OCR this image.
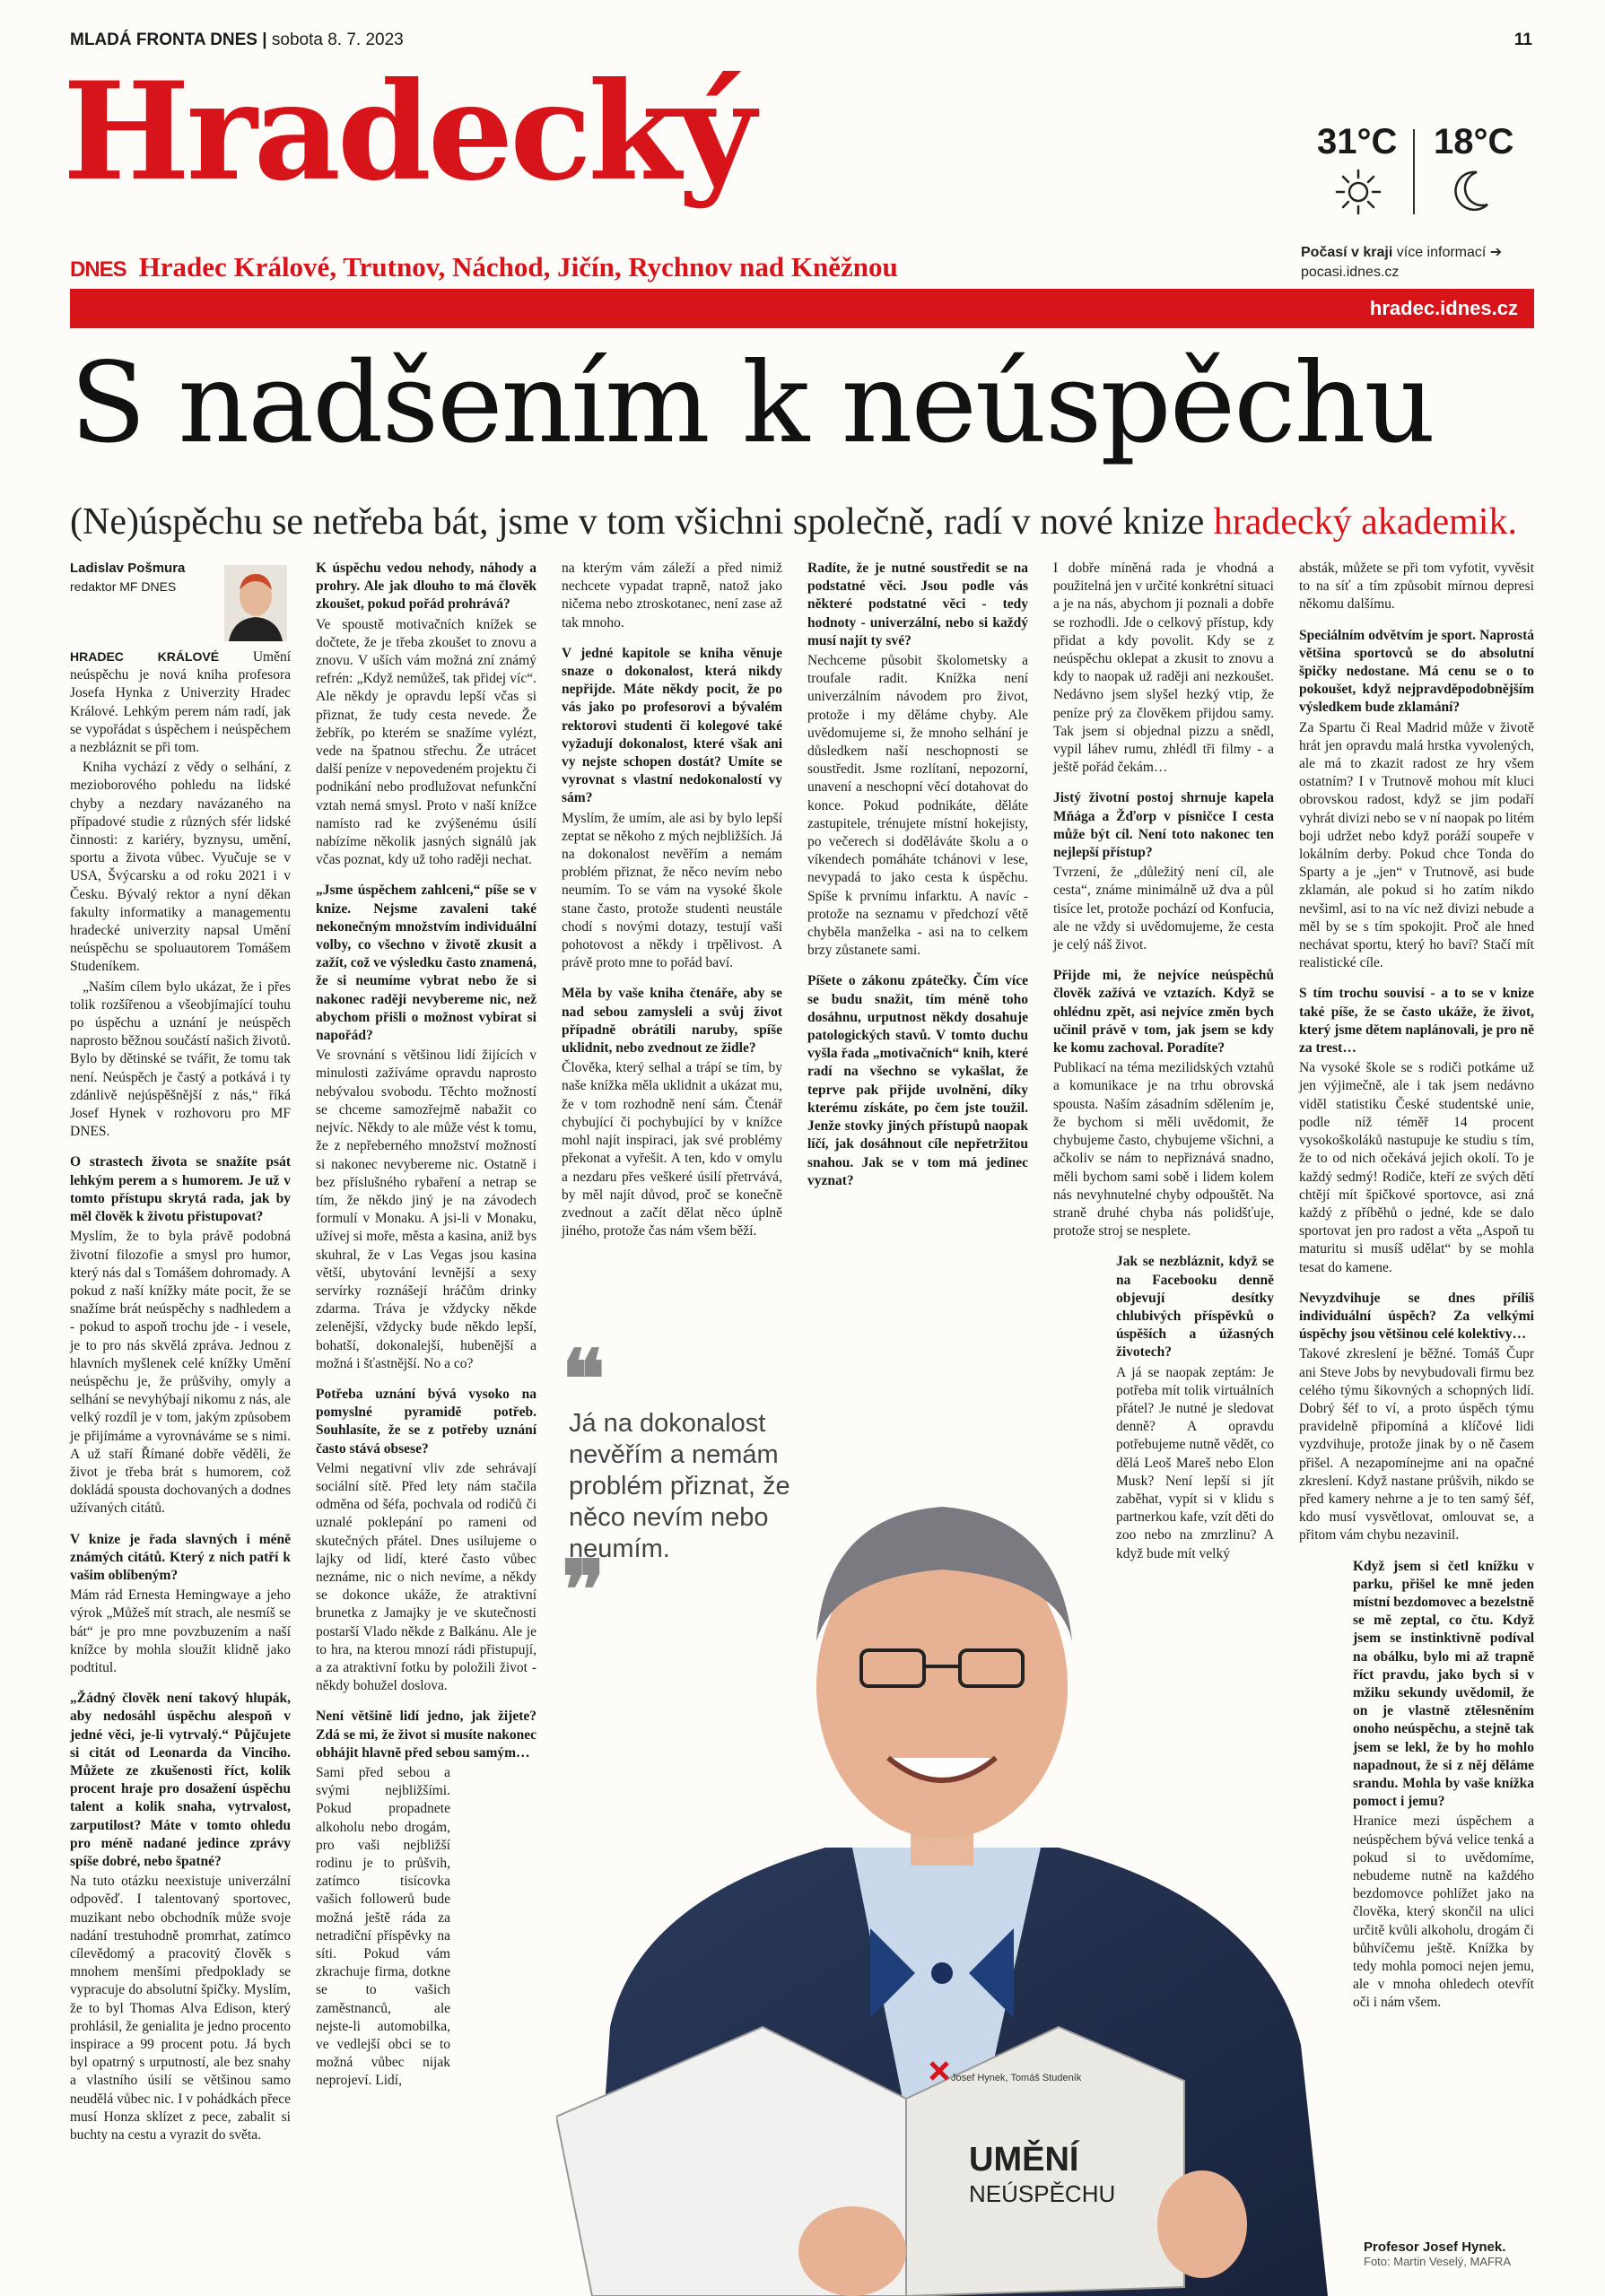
MLADÁ FRONTA DNES | sobota 8. 7. 2023	11
Hradecký
DNES Hradec Králové, Trutnov, Náchod, Jičín, Rychnov nad Kněžnou
31°C 18°C
Počasí v kraji více informací ➔
pocasi.idnes.cz
hradec.idnes.cz
S nadšením k neúspěchu
(Ne)úspěchu se netřeba bát, jsme v tom všichni společně, radí v nové knize hradecký akademik.
UMĚNÍ
NEÚSPĚCHU
Josef Hynek, Tomáš Studeník
Ladislav Pošmura
redaktor MF DNES

HRADEC KRÁLOVÉ Umění neúspěchu je nová kniha profesora Josefa Hynka z Univerzity Hradec Králové. Lehkým perem nám radí, jak se vypořádat s úspěchem i neúspěchem a nezbláznit se při tom.

Kniha vychází z vědy o selhání, z mezioborového pohledu na lidské chyby a nezdary navázaného na případové studie z různých sfér lidské činnosti: z kariéry, byznysu, umění, sportu a života vůbec. Vyučuje se v USA, Švýcarsku a od roku 2021 i v Česku. Bývalý rektor a nyní děkan fakulty informatiky a managementu hradecké univerzity napsal Umění neúspěchu se spoluautorem Tomášem Studeníkem.

„Naším cílem bylo ukázat, že i přes tolik rozšířenou a všeobjímající touhu po úspěchu a uznání je neúspěch naprosto běžnou součástí našich životů. Bylo by dětinské se tvářit, že tomu tak není. Neúspěch je častý a potkává i ty zdánlivě nejúspěšnější z nás,“ říká Josef Hynek v rozhovoru pro MF DNES.

O strastech života se snažíte psát lehkým perem a s humorem. Je už v tomto přístupu skrytá rada, jak by měl člověk k životu přistupovat?

Myslím, že to byla právě podobná životní filozofie a smysl pro humor, který nás dal s Tomášem dohromady. A pokud z naší knížky máte pocit, že se snažíme brát neúspěchy s nadhledem a - pokud to aspoň trochu jde - i vesele, je to pro nás skvělá zpráva. Jednou z hlavních myšlenek celé knížky Umění neúspěchu je, že průšvihy, omyly a selhání se nevyhýbají nikomu z nás, ale velký rozdíl je v tom, jakým způsobem je přijímáme a vyrovnáváme se s nimi. A už staří Římané dobře věděli, že život je třeba brát s humorem, což dokládá spousta dochovaných a dodnes užívaných citátů.

V knize je řada slavných i méně známých citátů. Který z nich patří k vašim oblíbeným?

Mám rád Ernesta Hemingwaye a jeho výrok „Můžeš mít strach, ale nesmíš se bát“ je pro mne povzbuzením a naší knížce by mohla sloužit klidně jako podtitul.

„Žádný člověk není takový hlupák, aby nedosáhl úspěchu alespoň v jedné věci, je-li vytrvalý.“ Půjčujete si citát od Leonarda da Vinciho. Můžete ze zkušenosti říct, kolik procent hraje pro dosažení úspěchu talent a kolik snaha, vytrvalost, zarputilost? Máte v tomto ohledu pro méně nadané jedince zprávy spíše dobré, nebo špatné?

Na tuto otázku neexistuje univerzální odpověď. I talentovaný sportovec, muzikant nebo obchodník může svoje nadání trestuhodně promrhat, zatímco cílevědomý a pracovitý člověk s mnohem menšími předpoklady se vypracuje do absolutní špičky. Myslím, že to byl Thomas Alva Edison, který prohlásil, že genialita je jedno procento inspirace a 99 procent potu. Já bych byl opatrný s urputností, ale bez snahy a vlastního úsilí se většinou samo neudělá vůbec nic. I v pohádkách přece musí Honza sklízet z pece, zabalit si buchty na cestu a vyrazit do světa.

K úspěchu vedou nehody, náhody a prohry. Ale jak dlouho to má člověk zkoušet, pokud pořád prohrává?

Ve spoustě motivačních knížek se dočtete, že je třeba zkoušet to znovu a znovu. V uších vám možná zní známý refrén: „Když nemůžeš, tak přidej víc“. Ale někdy je opravdu lepší včas si přiznat, že tudy cesta nevede. Že žebřík, po kterém se snažíme vylézt, vede na špatnou střechu. Že utrácet další peníze v nepovedeném projektu či podnikání nebo prodlužovat nefunkční vztah nemá smysl. Proto v naší knížce namísto rad ke zvýšenému úsilí nabízíme několik jasných signálů jak včas poznat, kdy už toho raději nechat.

„Jsme úspěchem zahlceni,“ píše se v knize. Nejsme zavaleni také nekonečným množstvím individuální volby, co všechno v životě zkusit a zažít, což ve výsledku často znamená, že si neumíme vybrat nebo že si nakonec raději nevybereme nic, než abychom přišli o možnost vybírat si napořád?

Ve srovnání s většinou lidí žijících v minulosti zažíváme opravdu naprosto nebývalou svobodu. Těchto možností se chceme samozřejmě nabažit co nejvíc. Někdy to ale může vést k tomu, že z nepřeberného množství možností si nakonec nevybereme nic. Ostatně i bez příslušného rybaření a netrap se tím, že někdo jiný je na závodech formulí v Monaku. A jsi-li v Monaku, užívej si moře, města a kasina, aniž bys skuhral, že v Las Vegas jsou kasina větší, ubytování levnější a sexy servírky roznášejí hráčům drinky zdarma. Tráva je vždycky někde zelenější, vždycky bude někdo lepší, bohatší, dokonalejší, hubenější a možná i šťastnější. No a co?

Potřeba uznání bývá vysoko na pomyslné pyramidě potřeb. Souhlasíte, že se z potřeby uznání často stává obsese?

Velmi negativní vliv zde sehrávají sociální sítě. Před lety nám stačila odměna od šéfa, pochvala od rodičů či uznalé poklepání po rameni od skutečných přátel. Dnes usilujeme o lajky od lidí, které často vůbec neznáme, nic o nich nevíme, a někdy se dokonce ukáže, že atraktivní brunetka z Jamajky je ve skutečnosti postarší Vlado někde z Balkánu. Ale je to hra, na kterou mnozí rádi přistupují, a za atraktivní fotku by položili život - někdy bohužel doslova.

Není většině lidí jedno, jak žijete? Zdá se mi, že život si musíte nakonec obhájit hlavně před sebou samým…

Sami před sebou a svými nejbližšími. Pokud propadnete alkoholu nebo drogám, pro vaši nejbližší rodinu je to průšvih, zatímco tisícovka vašich followerů bude možná ještě ráda za netradiční příspěvky na síti. Pokud vám zkrachuje firma, dotkne se to vašich zaměstnanců, ale nejste-li automobilka, ve vedlejší obci se to možná vůbec nijak neprojeví. Lidí,

na kterým vám záleží a před nimiž nechcete vypadat trapně, natož jako ničema nebo ztroskotanec, není zase až tak mnoho.

V jedné kapitole se kniha věnuje snaze o dokonalost, která nikdy nepřijde. Máte někdy pocit, že po vás jako po profesorovi a bývalém rektorovi studenti či kolegové také vyžadují dokonalost, které však ani vy nejste schopen dostát? Umíte se vyrovnat s vlastní nedokonalostí vy sám?

Myslím, že umím, ale asi by bylo lepší zeptat se někoho z mých nejbližších. Já na dokonalost nevěřím a nemám problém přiznat, že něco nevím nebo neumím. To se vám na vysoké škole stane často, protože studenti neustále chodí s novými dotazy, testují vaši pohotovost a někdy i trpělivost. A právě proto mne to pořád baví.

Měla by vaše kniha čtenáře, aby se nad sebou zamysleli a svůj život případně obrátili naruby, spíše uklidnit, nebo zvednout ze židle?

Člověka, který selhal a trápí se tím, by naše knížka měla uklidnit a ukázat mu, že v tom rozhodně není sám. Čtenář chybující či pochybující by v knížce mohl najít inspiraci, jak své problémy překonat a vyřešit. A ten, kdo v omylu a nezdaru přes veškeré úsilí přetrvává, by měl najít důvod, proč se konečně zvednout a začít dělat něco úplně jiného, protože čas nám všem běží.

❝
Já na dokonalost nevěřím a nemám problém přiznat, že něco nevím nebo neumím.
❞
Radíte, že je nutné soustředit se na podstatné věci. Jsou podle vás některé podstatné věci - tedy hodnoty - univerzální, nebo si každý musí najít ty své?

Nechceme působit školometsky a troufale radit. Knížka není univerzálním návodem pro život, protože i my děláme chyby. Ale uvědomujeme si, že mnoho selhání je důsledkem naší neschopnosti se soustředit. Jsme rozlítaní, nepozorní, unavení a neschopní věcí dotahovat do konce. Pokud podnikáte, děláte zastupitele, trénujete místní hokejisty, po večerech si doděláváte školu a o víkendech pomáháte tchánovi v lese, nevypadá to jako cesta k úspěchu. Spíše k prvnímu infarktu. A navíc - protože na seznamu v předchozí větě chyběla manželka - asi na to celkem brzy zůstanete sami.

Píšete o zákonu zpátečky. Čím více se budu snažit, tím méně toho dosáhnu, urputnost někdy dosahuje patologických stavů. V tomto duchu vyšla řada „motivačních“ knih, které radí na všechno se vykašlat, že teprve pak přijde uvolnění, díky kterému získáte, po čem jste toužil. Jenže stovky jiných přístupů naopak líčí, jak dosáhnout cíle nepřetržitou snahou. Jak se v tom má jedinec vyznat?

I dobře míněná rada je vhodná a použitelná jen v určité konkrétní situaci a je na nás, abychom ji poznali a dobře se rozhodli. Jde o celkový přístup, kdy přidat a kdy povolit. Kdy se z neúspěchu oklepat a zkusit to znovu a kdy to naopak už raději ani nezkoušet. Nedávno jsem slyšel hezký vtip, že peníze prý za člověkem přijdou samy. Tak jsem si objednal pizzu a snědl, vypil láhev rumu, zhlédl tři filmy - a ještě pořád čekám…

Jistý životní postoj shrnuje kapela Mňága a Žďorp v písničce I cesta může být cíl. Není toto nakonec ten nejlepší přístup?

Tvrzení, že „důležitý není cíl, ale cesta“, známe minimálně už dva a půl tisíce let, protože pochází od Konfucia, ale ne vždy si uvědomujeme, že cesta je celý náš život.

Přijde mi, že nejvíce neúspěchů člověk zažívá ve vztazích. Když se ohlédnu zpět, asi nejvíce změn bych učinil právě v tom, jak jsem se kdy ke komu zachoval. Poradíte?

Publikací na téma mezilidských vztahů a komunikace je na trhu obrovská spousta. Naším zásadním sdělením je, že bychom si měli uvědomit, že chybujeme často, chybujeme všichni, a ačkoliv se nám to nepřiznává snadno, měli bychom sami sobě i lidem kolem nás nevyhnutelné chyby odpouštět. Na straně druhé chyba nás polidšťuje, protože stroj se nesplete.

Jak se nezbláznit, když se na Facebooku denně objevují desítky chlubivých příspěvků o úspěších a úžasných životech?

A já se naopak zeptám: Je potřeba mít tolik virtuálních přátel? Je nutné je sledovat denně? A opravdu potřebujeme nutně vědět, co dělá Leoš Mareš nebo Elon Musk? Není lepší si jít zaběhat, vypít si v klidu s partnerkou kafe, vzít děti do zoo nebo na zmrzlinu? A když bude mít velký

absták, můžete se při tom vyfotit, vyvěsit to na síť a tím způsobit mírnou depresi někomu dalšímu.

Speciálním odvětvím je sport. Naprostá většina sportovců se do absolutní špičky nedostane. Má cenu se o to pokoušet, když nejpravděpodobnějším výsledkem bude zklamání?

Za Spartu či Real Madrid může v životě hrát jen opravdu malá hrstka vyvolených, ale má to zkazit radost ze hry všem ostatním? I v Trutnově mohou mít kluci obrovskou radost, když se jim podaří vyhrát divizi nebo se v ní naopak po litém boji udržet nebo když poráží soupeře v lokálním derby. Pokud chce Tonda do Sparty a je „jen“ v Trutnově, asi bude zklamán, ale pokud si ho zatím nikdo nevšiml, asi to na víc než divizi nebude a měl by se s tím spokojit. Proč ale hned nechávat sportu, který ho baví? Stačí mít realistické cíle.

S tím trochu souvisí - a to se v knize také píše, že se často ukáže, že život, který jsme dětem naplánovali, je pro ně za trest…

Na vysoké škole se s rodiči potkáme už jen výjimečně, ale i tak jsem nedávno viděl statistiku České studentské unie, podle níž téměř 14 procent vysokoškoláků nastupuje ke studiu s tím, že to od nich očekává jejich okolí. To je každý sedmý! Rodiče, kteří ze svých dětí chtějí mít špičkové sportovce, asi zná každý z příběhů o jedné, kde se dalo sportovat jen pro radost a věta „Aspoň tu maturitu si musíš udělat“ by se mohla tesat do kamene.

Nevyzdvihuje se dnes příliš individuální úspěch? Za velkými úspěchy jsou většinou celé kolektivy…

Takové zkreslení je běžné. Tomáš Čupr ani Steve Jobs by nevybudovali firmu bez celého týmu šikovných a schopných lidí. Dobrý šéf to ví, a proto úspěch týmu pravidelně připomíná a klíčové lidi vyzdvihuje, protože jinak by o ně časem přišel. A nezapomínejme ani na opačné zkreslení. Když nastane průšvih, nikdo se před kamery nehrne a je to ten samý šéf, kdo musí vysvětlovat, omlouvat se, a přitom vám chybu nezavinil.

Když jsem si četl knížku v parku, přišel ke mně jeden místní bezdomovec a bezelstně se mě zeptal, co čtu. Když jsem se instinktivně podíval na obálku, bylo mi až trapně říct pravdu, jako bych si v mžiku sekundy uvědomil, že on je vlastně ztělesněním onoho neúspěchu, a stejně tak jsem se lekl, že by ho mohlo napadnout, že si z něj děláme srandu. Mohla by vaše knížka pomoct i jemu?

Hranice mezi úspěchem a neúspěchem bývá velice tenká a pokud si to uvědomíme, nebudeme nutně na každého bezdomovce pohlížet jako na člověka, který skončil na ulici určitě kvůli alkoholu, drogám či bůhvíčemu ještě. Knížka by tedy mohla pomoci nejen jemu, ale v mnoha ohledech otevřít oči i nám všem.

Profesor Josef Hynek.
Foto: Martin Veselý, MAFRA
